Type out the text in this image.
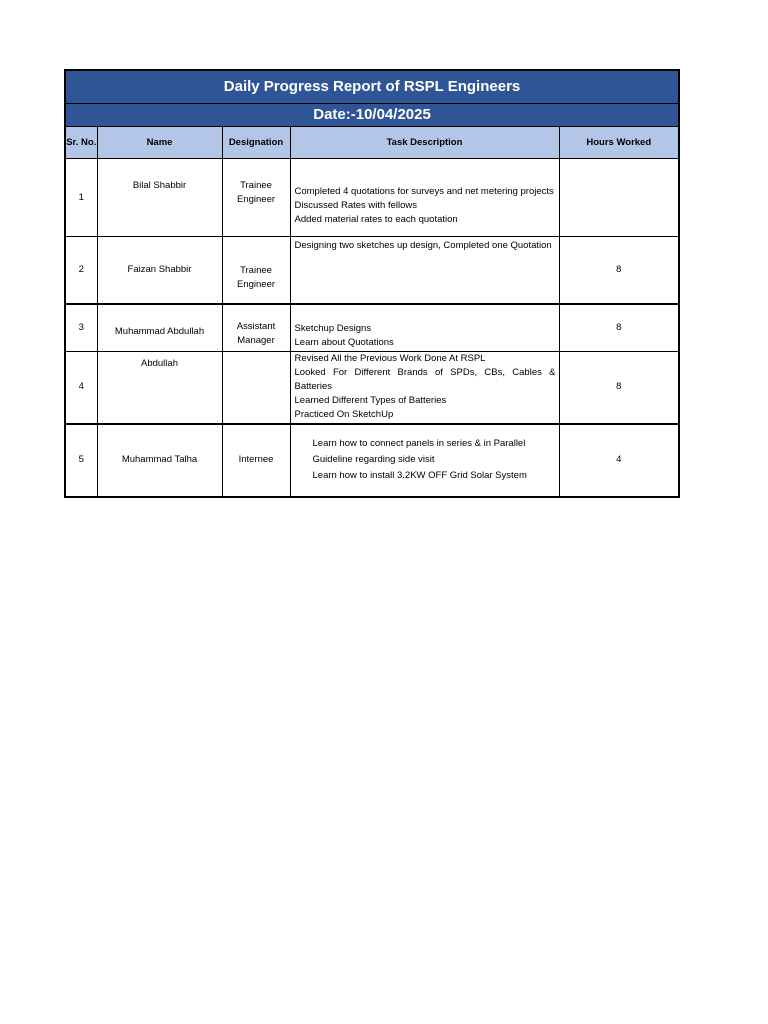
Daily Progress Report of RSPL Engineers				
Date:-10/04/2025				
Sr. No.	Name	Designation	Task Description	Hours Worked
1	Bilal Shabbir	Trainee Engineer	Completed 4 quotations for surveys and net metering projects
Discussed Rates with fellows
Added material rates to each quotation	

2	Faizan Shabbir	Trainee Engineer	Designing two sketches up design, Completed one Quotation	8
3	Muhammad Abdullah	Assistant Manager	Sketchup Designs
Learn about Quotations	8
4	Abdullah		Revised All the Previous Work Done At RSPL
Looked For Different Brands of SPDs, CBs, Cables & Batteries
Learned Different Types of Batteries
Practiced On SketchUp	8
5	Muhammad Talha	Internee	Learn how to connect panels in series & in Parallel
Guideline regarding side visit
Learn how to install 3.2KW OFF Grid Solar System	4
